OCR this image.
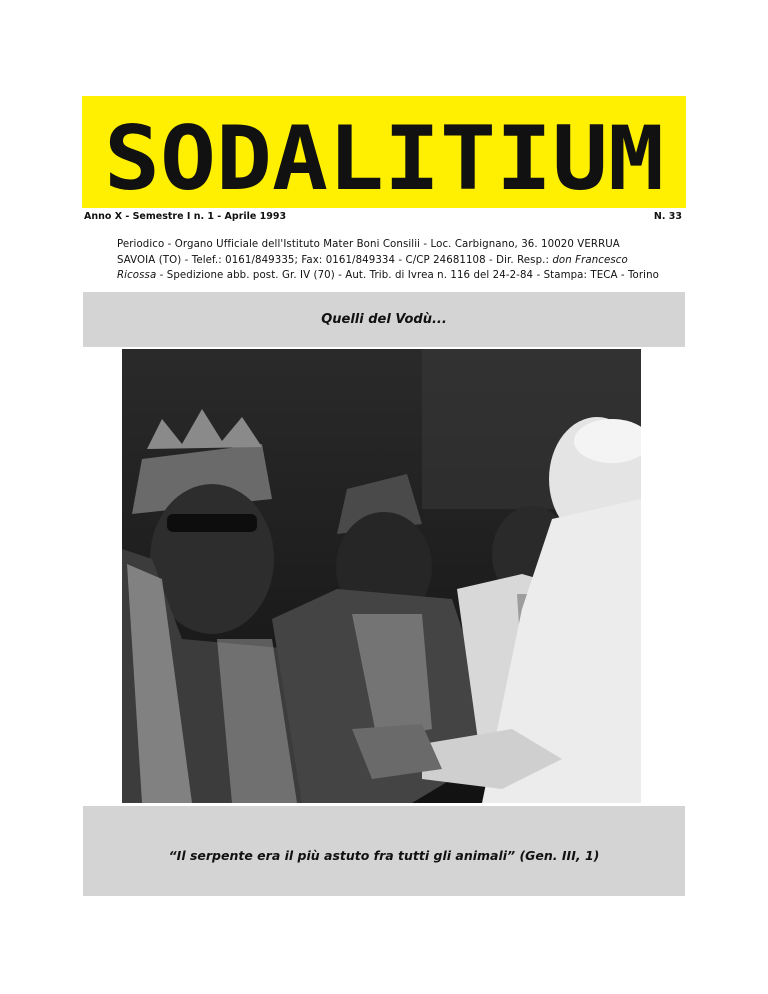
SODALITIUM
Anno X - Semestre I n. 1 - Aprile 1993	N. 33
Periodico - Organo Ufficiale dell'Istituto Mater Boni Consilii - Loc. Carbignano, 36. 10020 VERRUA
SAVOIA (TO) - Telef.: 0161/849335; Fax: 0161/849334 - C/CP 24681108 - Dir. Resp.: don Francesco
Ricossa - Spedizione abb. post. Gr. IV (70) - Aut. Trib. di Ivrea n. 116 del 24-2-84 - Stampa: TECA - Torino
Quelli del Vodù...
“Il serpente era il più astuto fra tutti gli animali” (Gen. III, 1)
